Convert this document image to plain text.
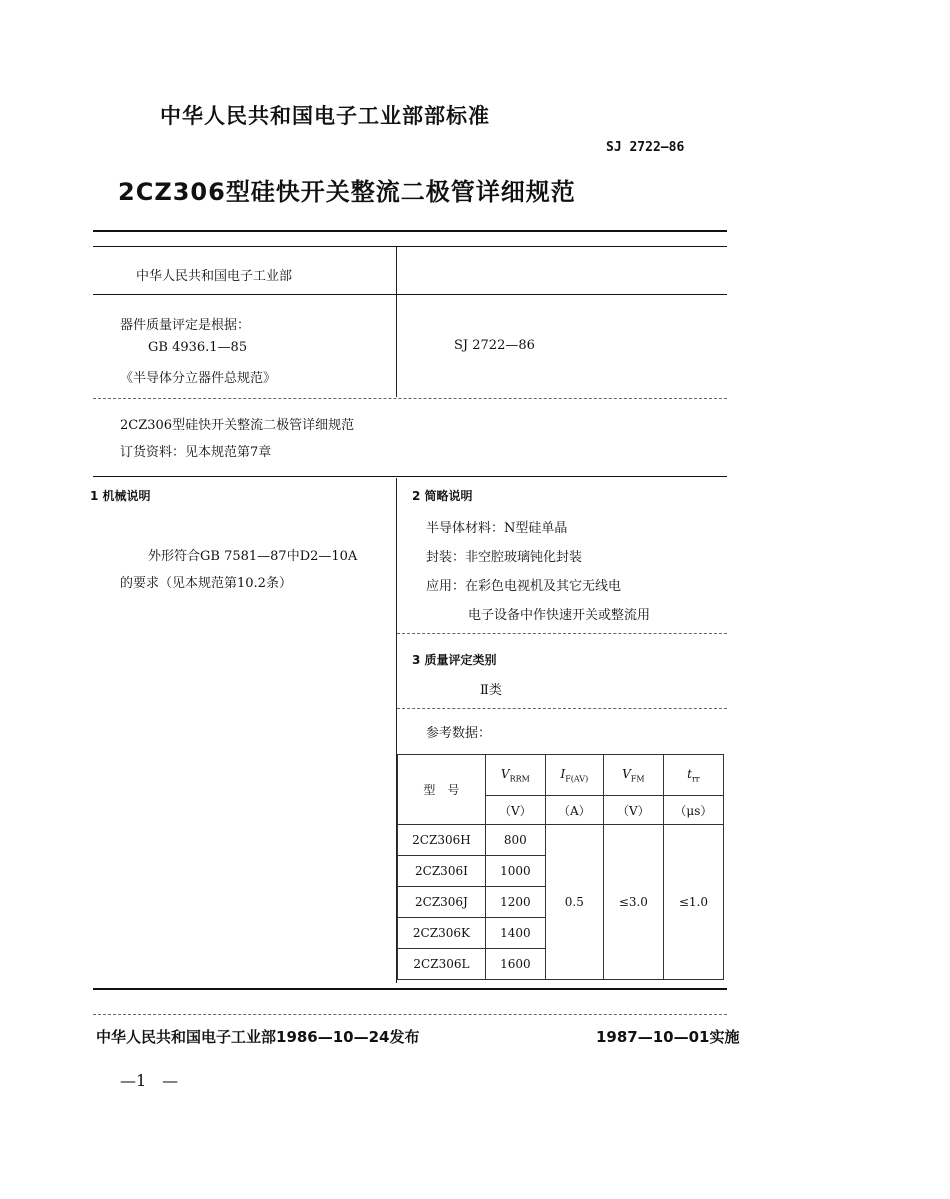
中华人民共和国电子工业部部标准
SJ 2722—86
2CZ306型硅快开关整流二极管详细规范
中华人民共和国电子工业部
器件质量评定是根据：
GB 4936.1—85
《半导体分立器件总规范》
SJ 2722—86
2CZ306型硅快开关整流二极管详细规范
订货资料：见本规范第7章
1 机械说明
外形符合GB 7581—87中D2—10A
的要求（见本规范第10.2条）
2 简略说明
半导体材料：N型硅单晶
封装：非空腔玻璃钝化封装
应用：在彩色电视机及其它无线电
电子设备中作快速开关或整流用
3 质量评定类别
Ⅱ类
参考数据：
型　号	$V_{RRM}$	$I_{F(AV)}$	$V_{FM}$	$t_{rr}$
	（V）	（A）	（V）	（μs）
2CZ306H	800	0.5	≤3.0	≤1.0
2CZ306I	1000			
2CZ306J	1200			
2CZ306K	1400			
2CZ306L	1600			
中华人民共和国电子工业部1986—10—24发布	1987—10—01实施
—1　—
